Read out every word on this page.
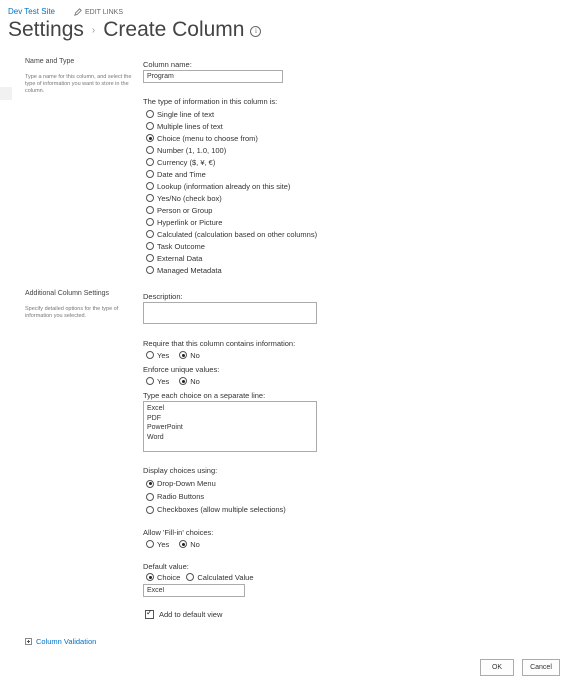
Dev Test Site	EDIT LINKS
Settings › Create Column	i
Name and Type
Type a name for this column, and select the type of information you want to store in the column.
Column name:
Program
The type of information in this column is:
Single line of text
Multiple lines of text
Choice (menu to choose from)
Number (1, 1.0, 100)
Currency ($, ¥, €)
Date and Time
Lookup (information already on this site)
Yes/No (check box)
Person or Group
Hyperlink or Picture
Calculated (calculation based on other columns)
Task Outcome
External Data
Managed Metadata
Additional Column Settings
Specify detailed options for the type of information you selected.
Description:
Require that this column contains information:
Yes	No
Enforce unique values:
Yes	No
Type each choice on a separate line:
Excel
PDF
PowerPoint
Word
Display choices using:
Drop-Down Menu
Radio Buttons
Checkboxes (allow multiple selections)
Allow 'Fill-in' choices:
Yes	No
Default value:
Choice Calculated Value
Excel
✓
Add to default view
Column Validation
OK	Cancel
